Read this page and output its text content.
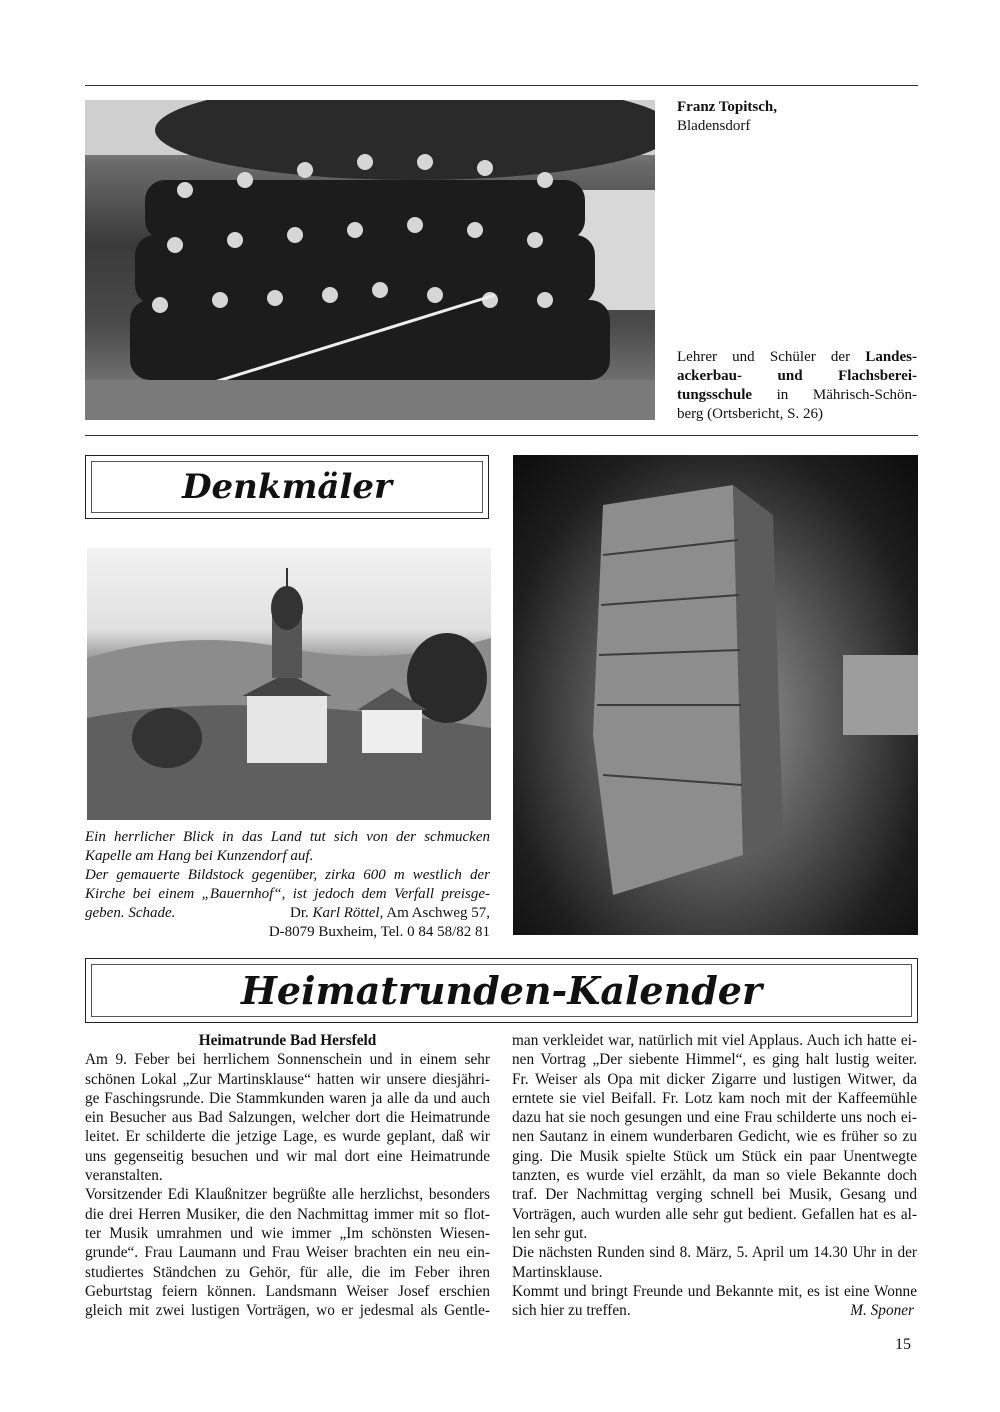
Franz Topitsch,
Bladensdorf
Lehrer und Schüler der Landes-
ackerbau- und Flachsberei-
tungsschule in Mährisch-Schön-
berg (Ortsbericht, S. 26)
Denkmäler
Ein herrlicher Blick in das Land tut sich von der schmucken
Kapelle am Hang bei Kunzendorf auf.
Der gemauerte Bildstock gegenüber, zirka 600 m westlich der
Kirche bei einem „Bauernhof“, ist jedoch dem Verfall preisge-
geben. Schade.	Dr. Karl Röttel, Am Aschweg 57,
D-8079 Buxheim, Tel. 0 84 58/82 81
Heimatrunden-Kalender
Heimatrunde Bad Hersfeld
Am 9. Feber bei herrlichem Sonnenschein und in einem sehr
schönen Lokal „Zur Martinsklause“ hatten wir unsere diesjähri-
ge Faschingsrunde. Die Stammkunden waren ja alle da und auch
ein Besucher aus Bad Salzungen, welcher dort die Heimatrunde
leitet. Er schilderte die jetzige Lage, es wurde geplant, daß wir
uns gegenseitig besuchen und wir mal dort eine Heimatrunde
veranstalten.
Vorsitzender Edi Klaußnitzer begrüßte alle herzlichst, besonders
die drei Herren Musiker, die den Nachmittag immer mit so flot-
ter Musik umrahmen und wie immer „Im schönsten Wiesen-
grunde“. Frau Laumann und Frau Weiser brachten ein neu ein-
studiertes Ständchen zu Gehör, für alle, die im Feber ihren
Geburtstag feiern können. Landsmann Weiser Josef erschien
gleich mit zwei lustigen Vorträgen, wo er jedesmal als Gentle-
man verkleidet war, natürlich mit viel Applaus. Auch ich hatte ei-
nen Vortrag „Der siebente Himmel“, es ging halt lustig weiter.
Fr. Weiser als Opa mit dicker Zigarre und lustigen Witwer, da
erntete sie viel Beifall. Fr. Lotz kam noch mit der Kaffeemühle
dazu hat sie noch gesungen und eine Frau schilderte uns noch ei-
nen Sautanz in einem wunderbaren Gedicht, wie es früher so zu
ging. Die Musik spielte Stück um Stück ein paar Unentwegte
tanzten, es wurde viel erzählt, da man so viele Bekannte doch
traf. Der Nachmittag verging schnell bei Musik, Gesang und
Vorträgen, auch wurden alle sehr gut bedient. Gefallen hat es al-
len sehr gut.
Die nächsten Runden sind 8. März, 5. April um 14.30 Uhr in der
Martinsklause.
Kommt und bringt Freunde und Bekannte mit, es ist eine Wonne
sich hier zu treffen.	M. Sponer
15
